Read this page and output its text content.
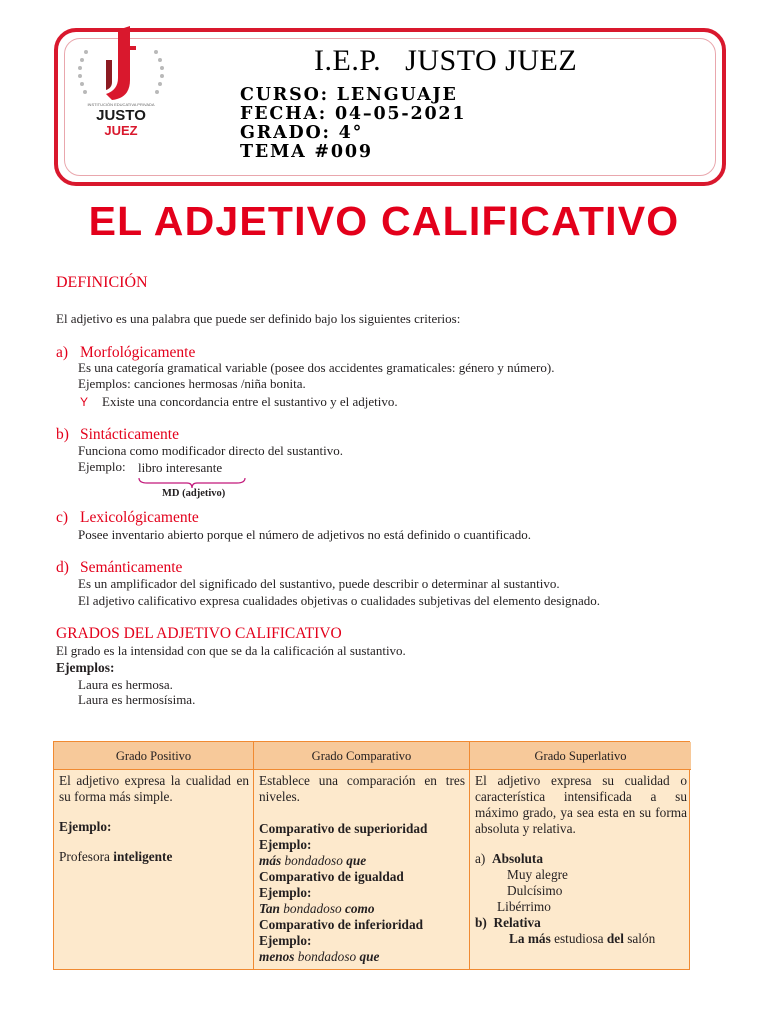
INSTITUCIÓN EDUCATIVA PRIVADA
JUSTO
JUEZ
I.E.P.   JUSTO JUEZ
CURSO: LENGUAJE
FECHA: 04–05-2021
GRADO: 4°
TEMA #009
EL ADJETIVO CALIFICATIVO
DEFINICIÓN
El adjetivo es una palabra que puede ser definido bajo los siguientes criterios:
a) Morfológicamente
Es una categoría gramatical variable (posee dos accidentes gramaticales: género y número).
Ejemplos: canciones hermosas /niña bonita.
Y Existe una concordancia entre el sustantivo y el adjetivo.
b) Sintácticamente
Funciona como modificador directo del sustantivo.
Ejemplo: libro interesante
MD (adjetivo)
c) Lexicológicamente
Posee inventario abierto porque el número de adjetivos no está definido o cuantificado.
d) Semánticamente
Es un amplificador del significado del sustantivo, puede describir o determinar al sustantivo.
El adjetivo calificativo expresa cualidades objetivas o cualidades subjetivas del elemento designado.
GRADOS DEL ADJETIVO CALIFICATIVO
El grado es la intensidad con que se da la calificación al sustantivo.
Ejemplos:
Laura es hermosa.
Laura es hermosísima.
Grado Positivo
El adjetivo expresa la cualidad en su forma más simple.
Ejemplo:
Profesora inteligente
Grado Comparativo
Establece una comparación en tres niveles.
Comparativo de superioridad
Ejemplo:
más bondadoso que
Comparativo de igualdad
Ejemplo:
Tan bondadoso como
Comparativo de inferioridad
Ejemplo:
menos bondadoso que
Grado Superlativo
El adjetivo expresa su cualidad o característica intensificada a su máximo grado, ya sea esta en su forma absoluta y relativa.
a) Absoluta
Muy alegre
Dulcísimo
Libérrimo
b) Relativa
La más estudiosa del salón
